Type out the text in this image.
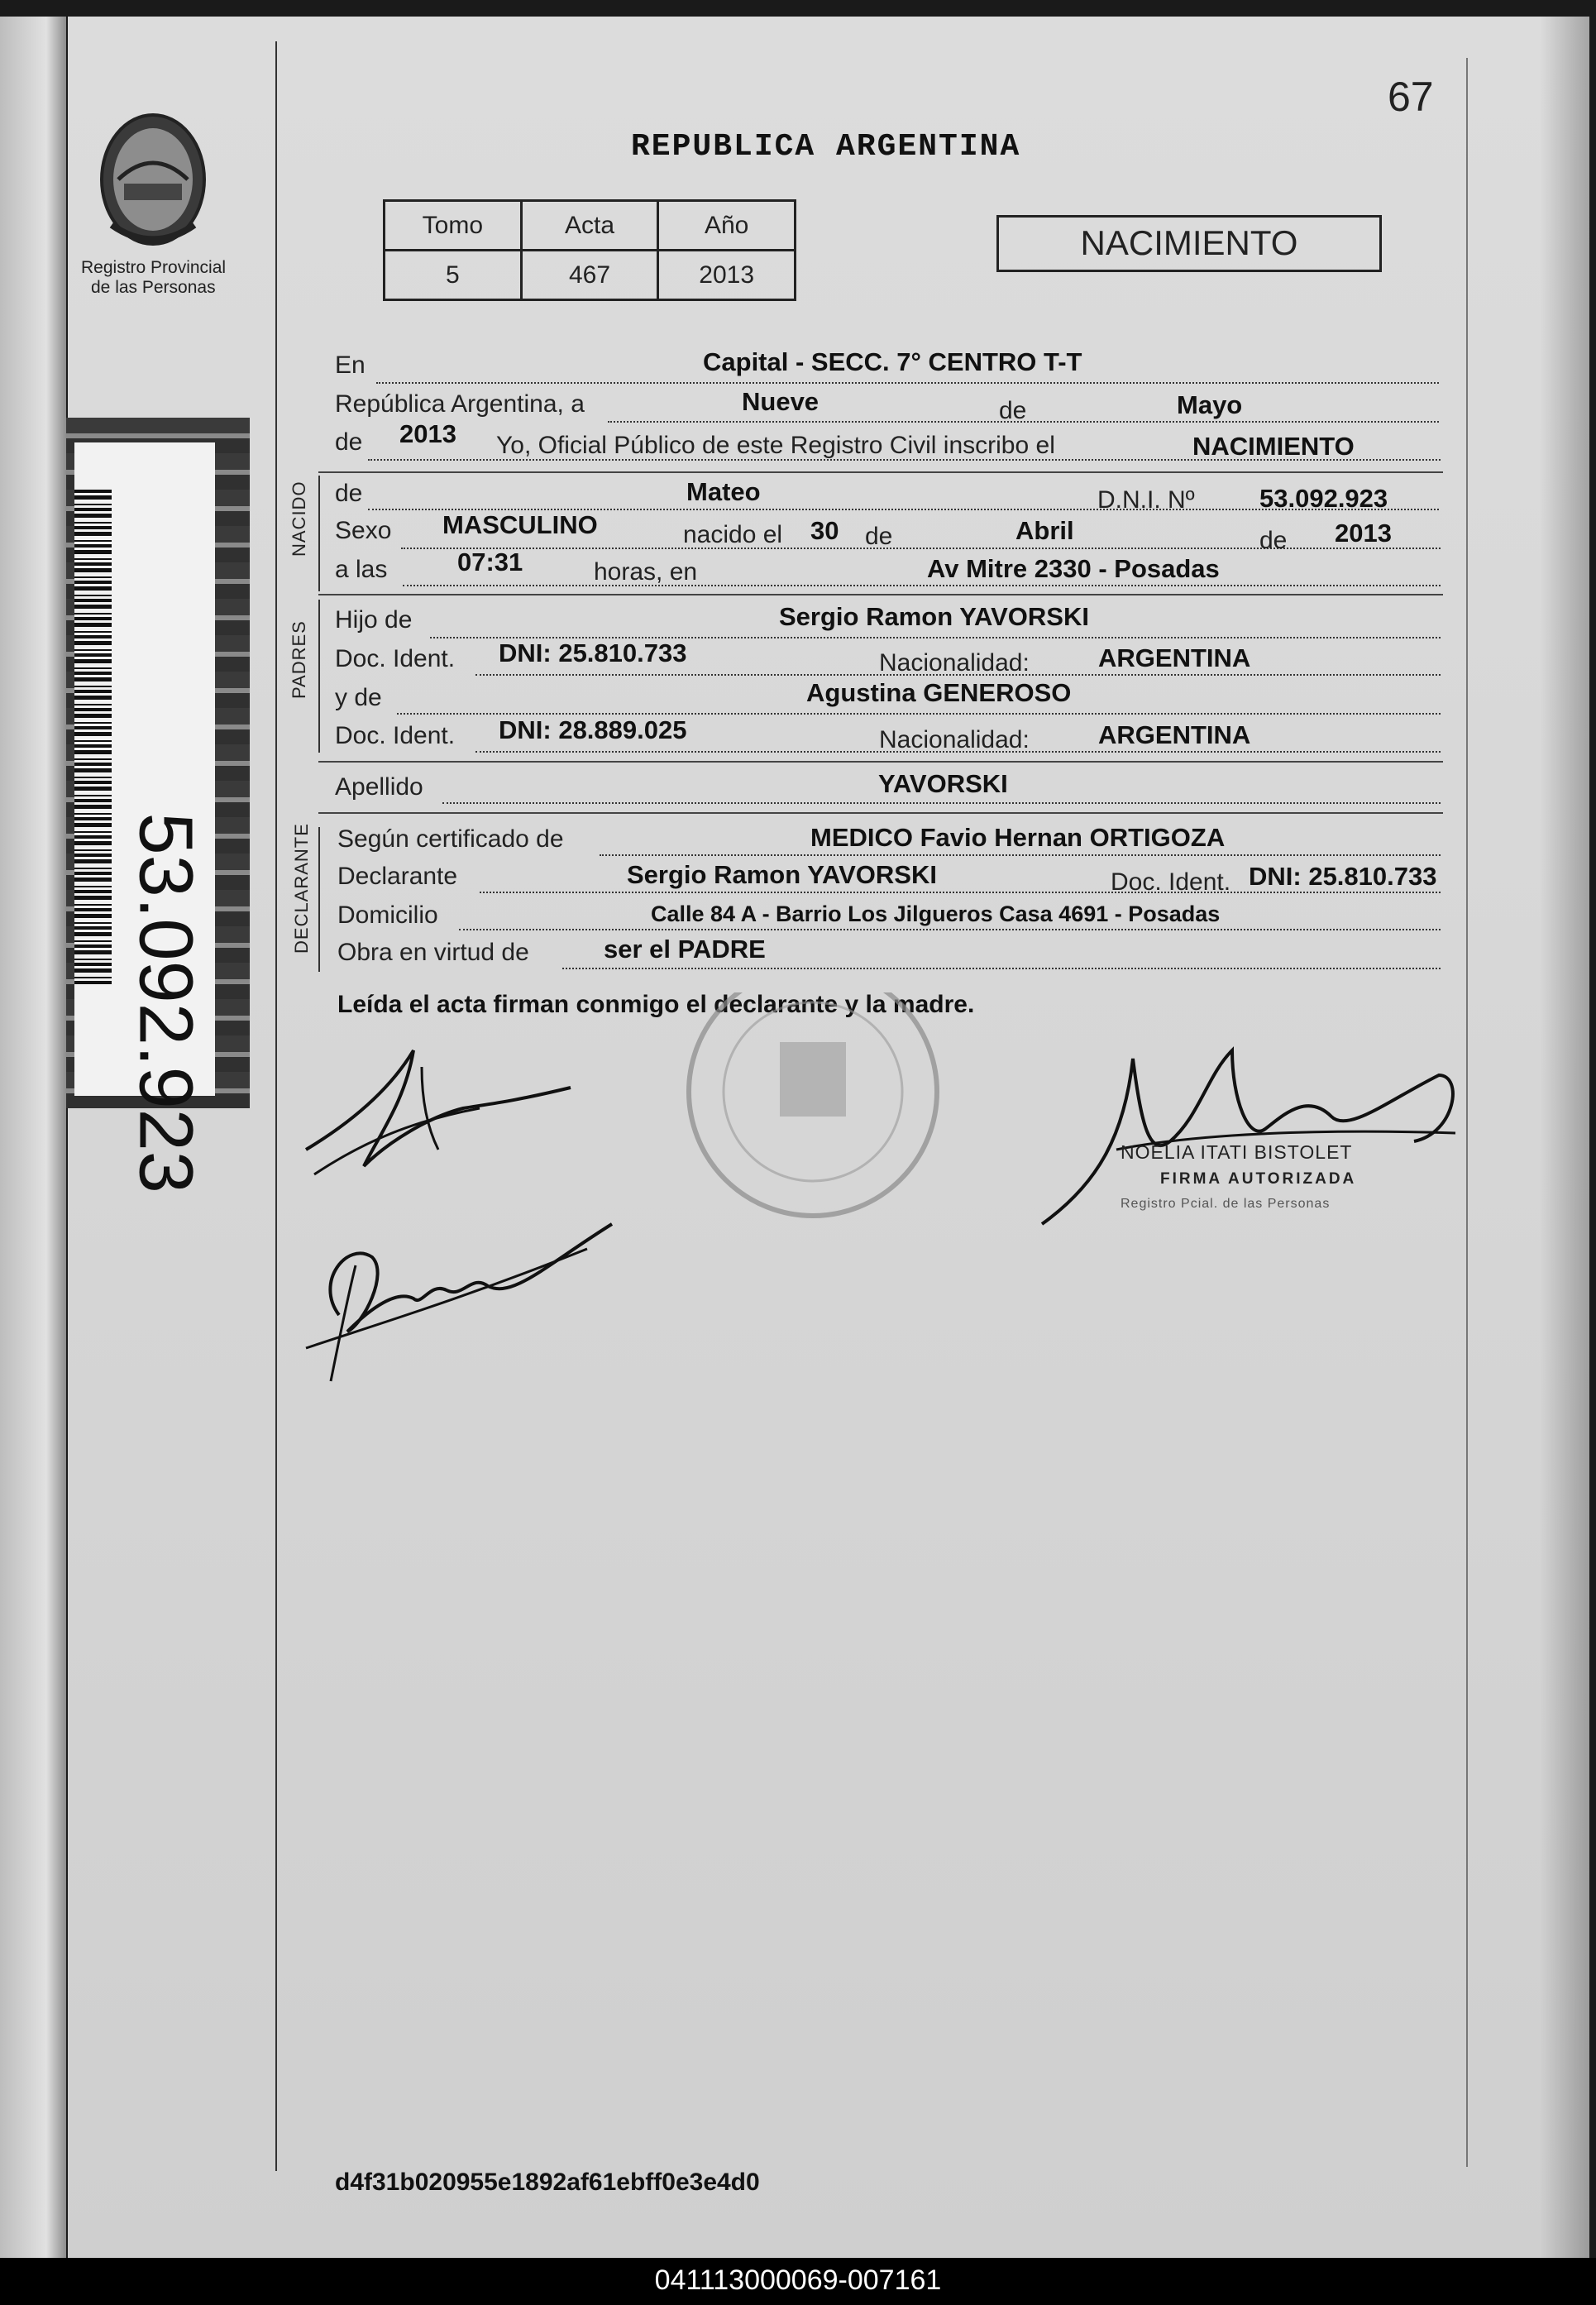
Registro Provincial
de las Personas
67
REPUBLICA ARGENTINA
Tomo	Acta	Año
5	467	2013
NACIMIENTO
NACIDO
PADRES
DECLARANTE
En	Capital - SECC. 7° CENTRO T-T
República Argentina, a	Nueve	de	Mayo
de 2013 Yo, Oficial Público de este Registro Civil inscribo el	NACIMIENTO
de	Mateo	D.N.I. Nº	53.092.923
Sexo MASCULINO	nacido el 30 de	Abril	de 2013
a las	07:31	horas, en	Av Mitre 2330 - Posadas
Hijo de	Sergio Ramon YAVORSKI
Doc. Ident. DNI: 25.810.733	Nacionalidad:	ARGENTINA
y de	Agustina GENEROSO
Doc. Ident. DNI: 28.889.025	Nacionalidad:	ARGENTINA
Apellido	YAVORSKI
Según certificado de	MEDICO Favio Hernan ORTIGOZA
Declarante	Sergio Ramon YAVORSKI	Doc. Ident. DNI: 25.810.733
Domicilio	Calle 84 A - Barrio Los Jilgueros Casa 4691 - Posadas
Obra en virtud de	ser el PADRE
Leída el acta firman conmigo el declarante y la madre.
NOELIA ITATI BISTOLET
FIRMA AUTORIZADA
Registro Pcial. de las Personas
d4f31b020955e1892af61ebff0e3e4d0
041113000069-007161
